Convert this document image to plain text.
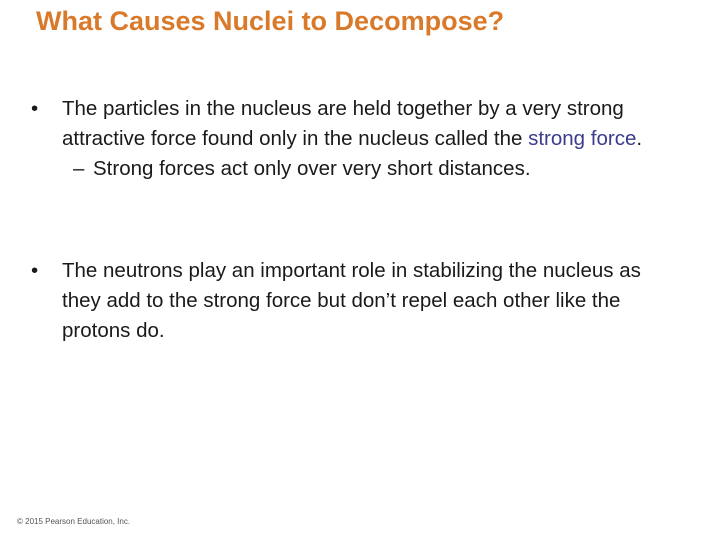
What Causes Nuclei to Decompose?
•	The particles in the nucleus are held together by a very strong attractive force found only in the nucleus called the strong force.
– Strong forces act only over very short distances.
•	The neutrons play an important role in stabilizing the nucleus as they add to the strong force but don’t repel each other like the protons do.
© 2015 Pearson Education, Inc.
